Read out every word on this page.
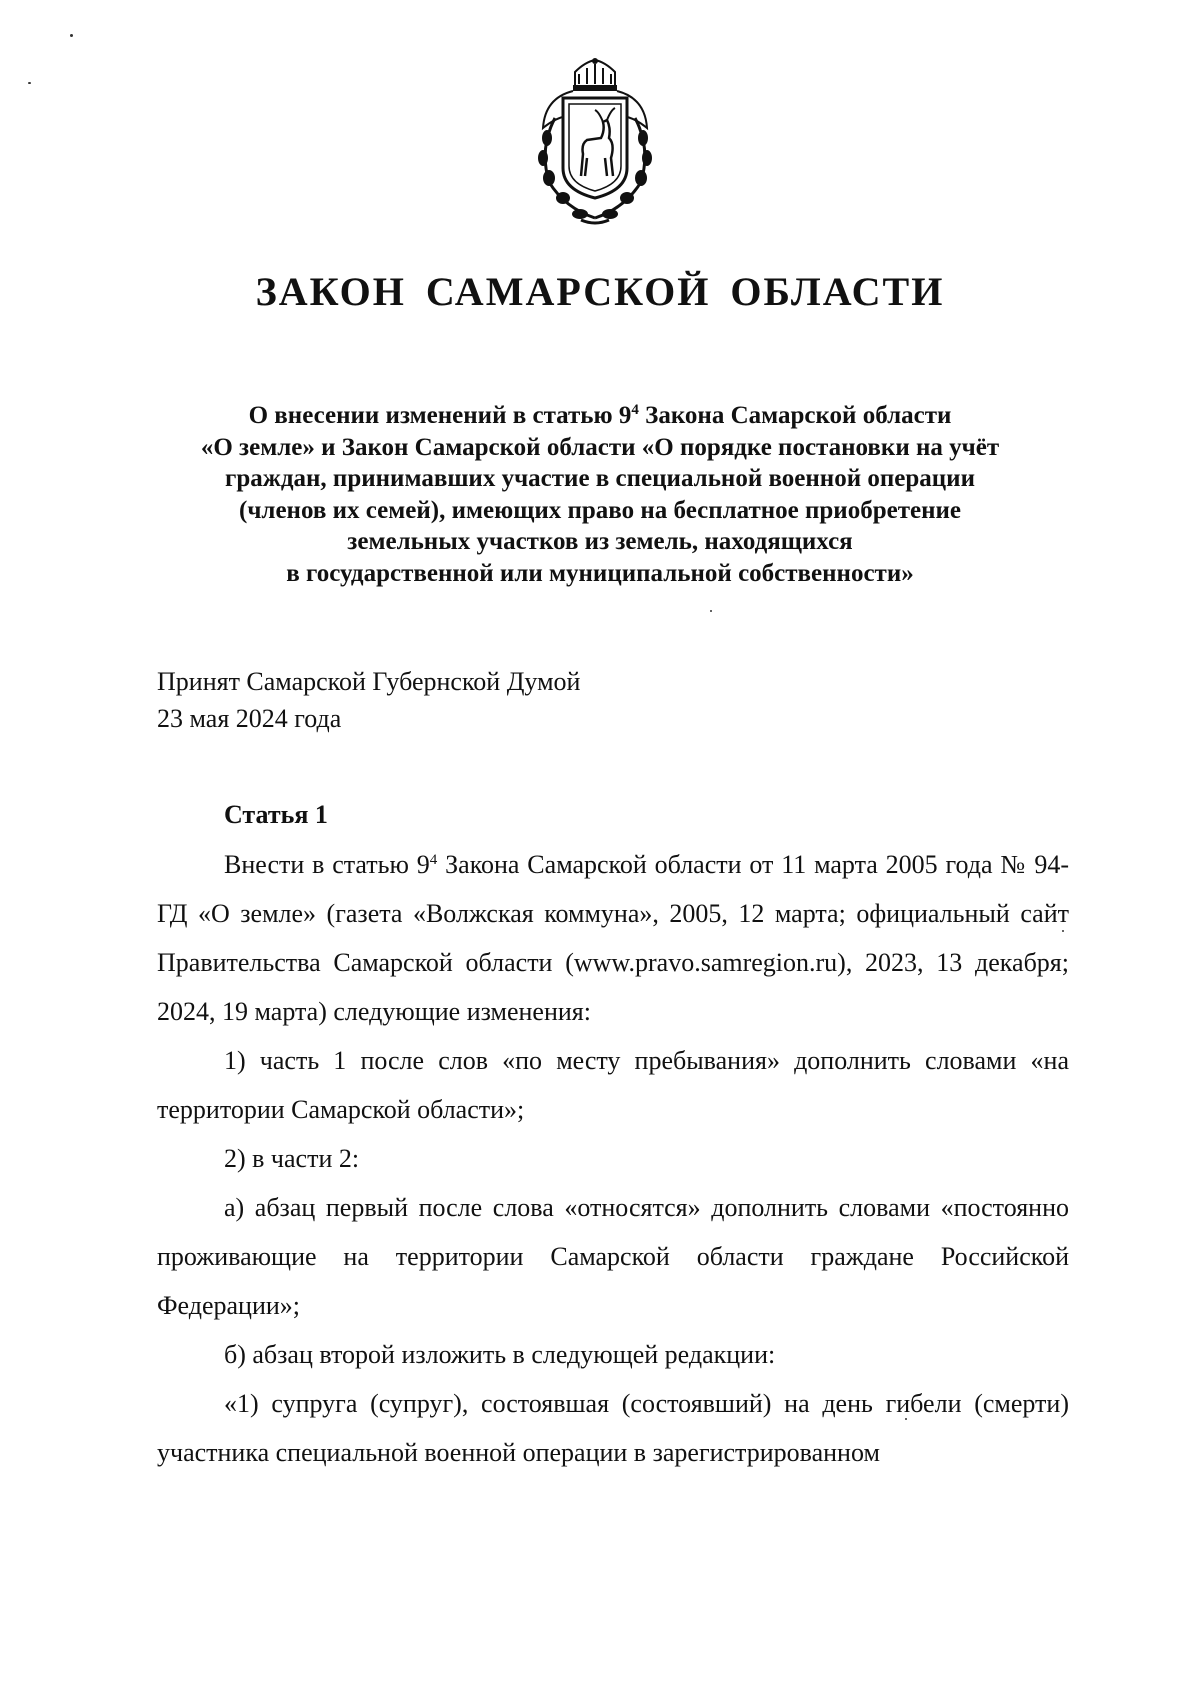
ЗАКОН САМАРСКОЙ ОБЛАСТИ
О внесении изменений в статью $9^4$ Закона Самарской области
«О земле» и Закон Самарской области «О порядке постановки на учёт
граждан, принимавших участие в специальной военной операции
(членов их семей), имеющих право на бесплатное приобретение
земельных участков из земель, находящихся
в государственной или муниципальной собственности»
Принят Самарской Губернской Думой
23 мая 2024 года
Статья 1

Внести в статью $9^4$ Закона Самарской области от 11 марта 2005 года № 94-ГД «О земле» (газета «Волжская коммуна», 2005, 12 марта; официальный сайт Правительства Самарской области (www.pravo.samregion.ru), 2023, 13 декабря; 2024, 19 марта) следующие изменения:

1) часть 1 после слов «по месту пребывания» дополнить словами «на территории Самарской области»;

2) в части 2:

а) абзац первый после слова «относятся» дополнить словами «постоянно проживающие на территории Самарской области граждане Российской Федерации»;

б) абзац второй изложить в следующей редакции:

«1) супруга (супруг), состоявшая (состоявший) на день гибели (смерти) участника специальной военной операции в зарегистрированном
